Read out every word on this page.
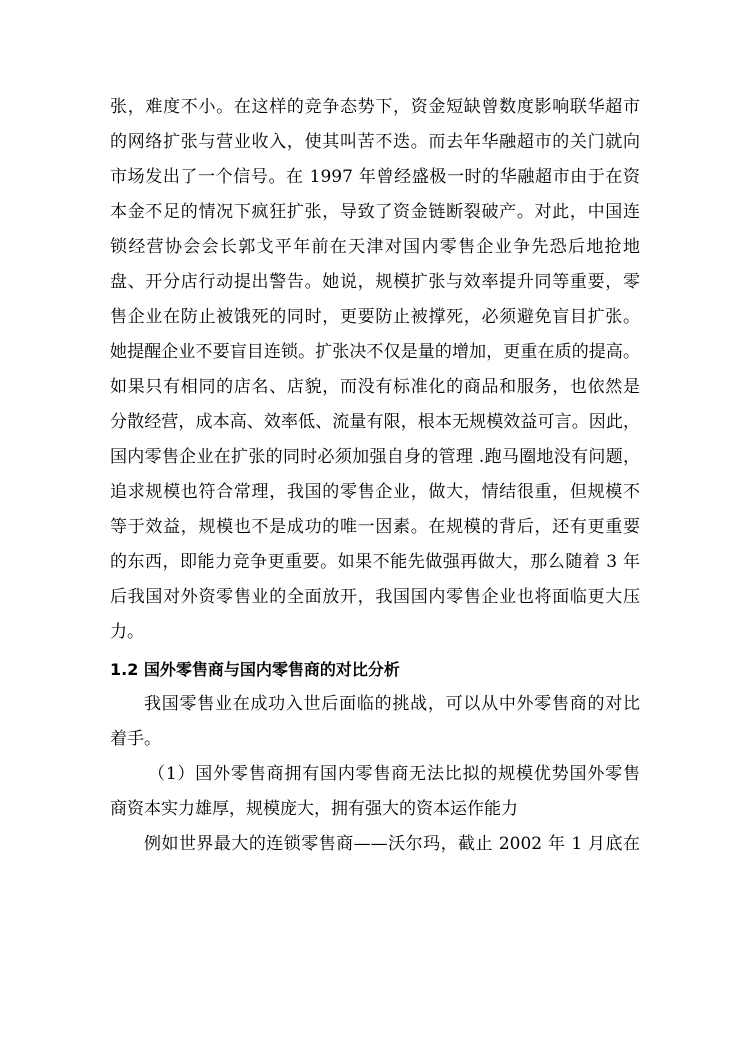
张，难度不小。在这样的竞争态势下，资金短缺曾数度影响联华超市
的网络扩张与营业收入，使其叫苦不迭。而去年华融超市的关门就向
市场发出了一个信号。在 1997 年曾经盛极一时的华融超市由于在资
本金不足的情况下疯狂扩张，导致了资金链断裂破产。对此，中国连
锁经营协会会长郭戈平年前在天津对国内零售企业争先恐后地抢地
盘、开分店行动提出警告。她说，规模扩张与效率提升同等重要，零
售企业在防止被饿死的同时，更要防止被撑死，必须避免盲目扩张。
她提醒企业不要盲目连锁。扩张决不仅是量的增加，更重在质的提高。
如果只有相同的店名、店貌，而没有标准化的商品和服务，也依然是
分散经营，成本高、效率低、流量有限，根本无规模效益可言。因此，
国内零售企业在扩张的同时必须加强自身的管理 .跑马圈地没有问题，
追求规模也符合常理，我国的零售企业，做大，情结很重，但规模不
等于效益，规模也不是成功的唯一因素。在规模的背后，还有更重要
的东西，即能力竞争更重要。如果不能先做强再做大，那么随着 3 年
后我国对外资零售业的全面放开，我国国内零售企业也将面临更大压
力。
1.2 国外零售商与国内零售商的对比分析
我国零售业在成功入世后面临的挑战，可以从中外零售商的对比
着手。
（1）国外零售商拥有国内零售商无法比拟的规模优势国外零售
商资本实力雄厚，规模庞大，拥有强大的资本运作能力
例如世界最大的连锁零售商——沃尔玛，截止 2002 年 1 月底在
